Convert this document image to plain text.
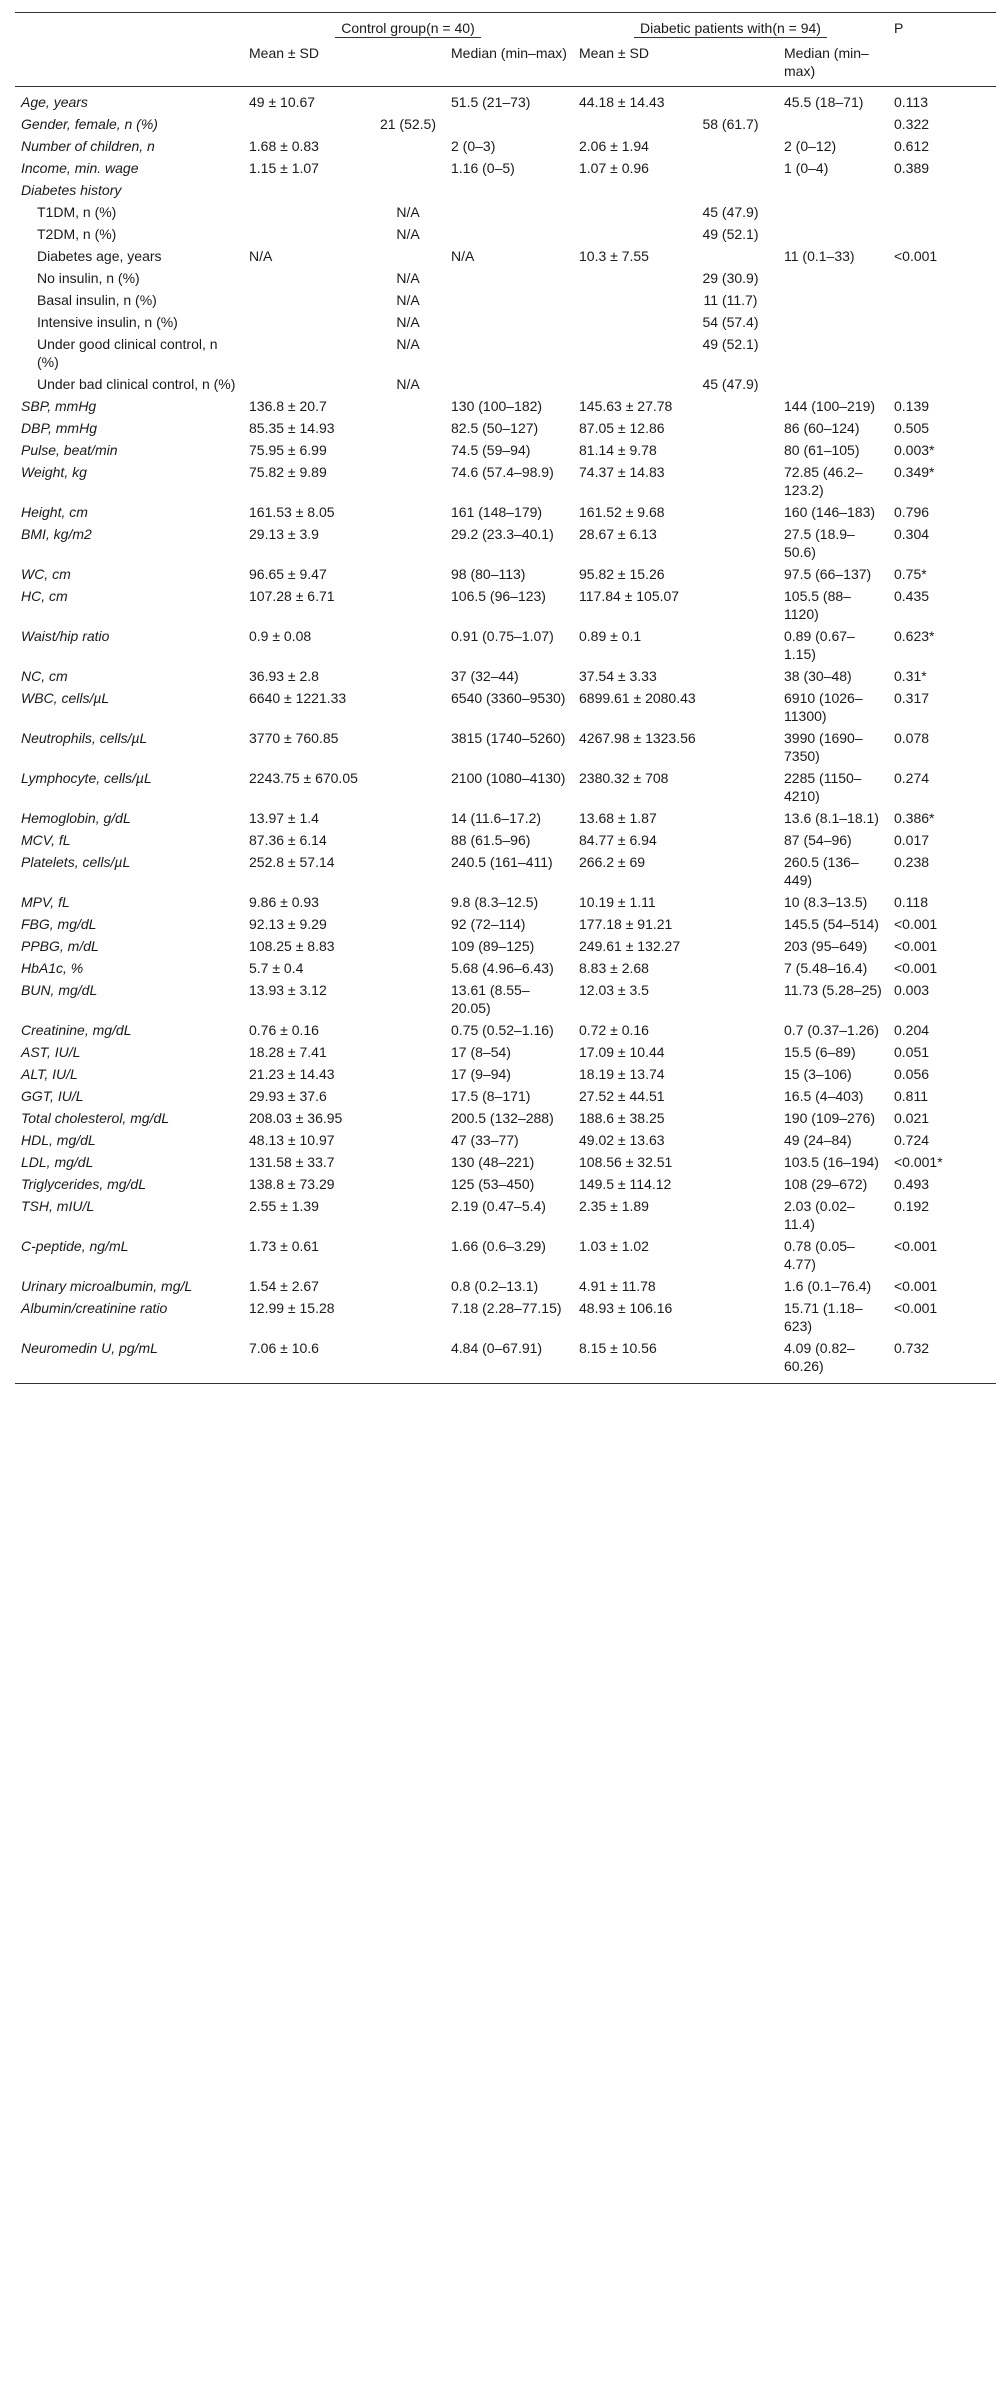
	Control group(n = 40)		Diabetic patients with(n = 94)		P
	Mean ± SD	Median (min–max)	Mean ± SD	Median (min–max)	
Age, years	49 ± 10.67	51.5 (21–73)	44.18 ± 14.43	45.5 (18–71)	0.113
Gender, female, n (%)	21 (52.5)		58 (61.7)		0.322
Number of children, n	1.68 ± 0.83	2 (0–3)	2.06 ± 1.94	2 (0–12)	0.612
Income, min. wage	1.15 ± 1.07	1.16 (0–5)	1.07 ± 0.96	1 (0–4)	0.389
Diabetes history					
T1DM, n (%)	N/A		45 (47.9)		
T2DM, n (%)	N/A		49 (52.1)		
Diabetes age, years	N/A	N/A	10.3 ± 7.55	11 (0.1–33)	<0.001
No insulin, n (%)	N/A		29 (30.9)		
Basal insulin, n (%)	N/A		11 (11.7)		
Intensive insulin, n (%)	N/A		54 (57.4)		
Under good clinical control, n (%)	N/A		49 (52.1)		
Under bad clinical control, n (%)	N/A		45 (47.9)		
SBP, mmHg	136.8 ± 20.7	130 (100–182)	145.63 ± 27.78	144 (100–219)	0.139
DBP, mmHg	85.35 ± 14.93	82.5 (50–127)	87.05 ± 12.86	86 (60–124)	0.505
Pulse, beat/min	75.95 ± 6.99	74.5 (59–94)	81.14 ± 9.78	80 (61–105)	0.003*
Weight, kg	75.82 ± 9.89	74.6 (57.4–98.9)	74.37 ± 14.83	72.85 (46.2–123.2)	0.349*
Height, cm	161.53 ± 8.05	161 (148–179)	161.52 ± 9.68	160 (146–183)	0.796
BMI, kg/m2	29.13 ± 3.9	29.2 (23.3–40.1)	28.67 ± 6.13	27.5 (18.9–50.6)	0.304
WC, cm	96.65 ± 9.47	98 (80–113)	95.82 ± 15.26	97.5 (66–137)	0.75*
HC, cm	107.28 ± 6.71	106.5 (96–123)	117.84 ± 105.07	105.5 (88–1120)	0.435
Waist/hip ratio	0.9 ± 0.08	0.91 (0.75–1.07)	0.89 ± 0.1	0.89 (0.67–1.15)	0.623*
NC, cm	36.93 ± 2.8	37 (32–44)	37.54 ± 3.33	38 (30–48)	0.31*
WBC, cells/µL	6640 ± 1221.33	6540 (3360–9530)	6899.61 ± 2080.43	6910 (1026–11300)	0.317
Neutrophils, cells/µL	3770 ± 760.85	3815 (1740–5260)	4267.98 ± 1323.56	3990 (1690–7350)	0.078
Lymphocyte, cells/µL	2243.75 ± 670.05	2100 (1080–4130)	2380.32 ± 708	2285 (1150–4210)	0.274
Hemoglobin, g/dL	13.97 ± 1.4	14 (11.6–17.2)	13.68 ± 1.87	13.6 (8.1–18.1)	0.386*
MCV, fL	87.36 ± 6.14	88 (61.5–96)	84.77 ± 6.94	87 (54–96)	0.017
Platelets, cells/µL	252.8 ± 57.14	240.5 (161–411)	266.2 ± 69	260.5 (136–449)	0.238
MPV, fL	9.86 ± 0.93	9.8 (8.3–12.5)	10.19 ± 1.11	10 (8.3–13.5)	0.118
FBG, mg/dL	92.13 ± 9.29	92 (72–114)	177.18 ± 91.21	145.5 (54–514)	<0.001
PPBG, m/dL	108.25 ± 8.83	109 (89–125)	249.61 ± 132.27	203 (95–649)	<0.001
HbA1c, %	5.7 ± 0.4	5.68 (4.96–6.43)	8.83 ± 2.68	7 (5.48–16.4)	<0.001
BUN, mg/dL	13.93 ± 3.12	13.61 (8.55–20.05)	12.03 ± 3.5	11.73 (5.28–25)	0.003
Creatinine, mg/dL	0.76 ± 0.16	0.75 (0.52–1.16)	0.72 ± 0.16	0.7 (0.37–1.26)	0.204
AST, IU/L	18.28 ± 7.41	17 (8–54)	17.09 ± 10.44	15.5 (6–89)	0.051
ALT, IU/L	21.23 ± 14.43	17 (9–94)	18.19 ± 13.74	15 (3–106)	0.056
GGT, IU/L	29.93 ± 37.6	17.5 (8–171)	27.52 ± 44.51	16.5 (4–403)	0.811
Total cholesterol, mg/dL	208.03 ± 36.95	200.5 (132–288)	188.6 ± 38.25	190 (109–276)	0.021
HDL, mg/dL	48.13 ± 10.97	47 (33–77)	49.02 ± 13.63	49 (24–84)	0.724
LDL, mg/dL	131.58 ± 33.7	130 (48–221)	108.56 ± 32.51	103.5 (16–194)	<0.001*
Triglycerides, mg/dL	138.8 ± 73.29	125 (53–450)	149.5 ± 114.12	108 (29–672)	0.493
TSH, mIU/L	2.55 ± 1.39	2.19 (0.47–5.4)	2.35 ± 1.89	2.03 (0.02–11.4)	0.192
C-peptide, ng/mL	1.73 ± 0.61	1.66 (0.6–3.29)	1.03 ± 1.02	0.78 (0.05–4.77)	<0.001
Urinary microalbumin, mg/L	1.54 ± 2.67	0.8 (0.2–13.1)	4.91 ± 11.78	1.6 (0.1–76.4)	<0.001
Albumin/creatinine ratio	12.99 ± 15.28	7.18 (2.28–77.15)	48.93 ± 106.16	15.71 (1.18–623)	<0.001
Neuromedin U, pg/mL	7.06 ± 10.6	4.84 (0–67.91)	8.15 ± 10.56	4.09 (0.82–60.26)	0.732
